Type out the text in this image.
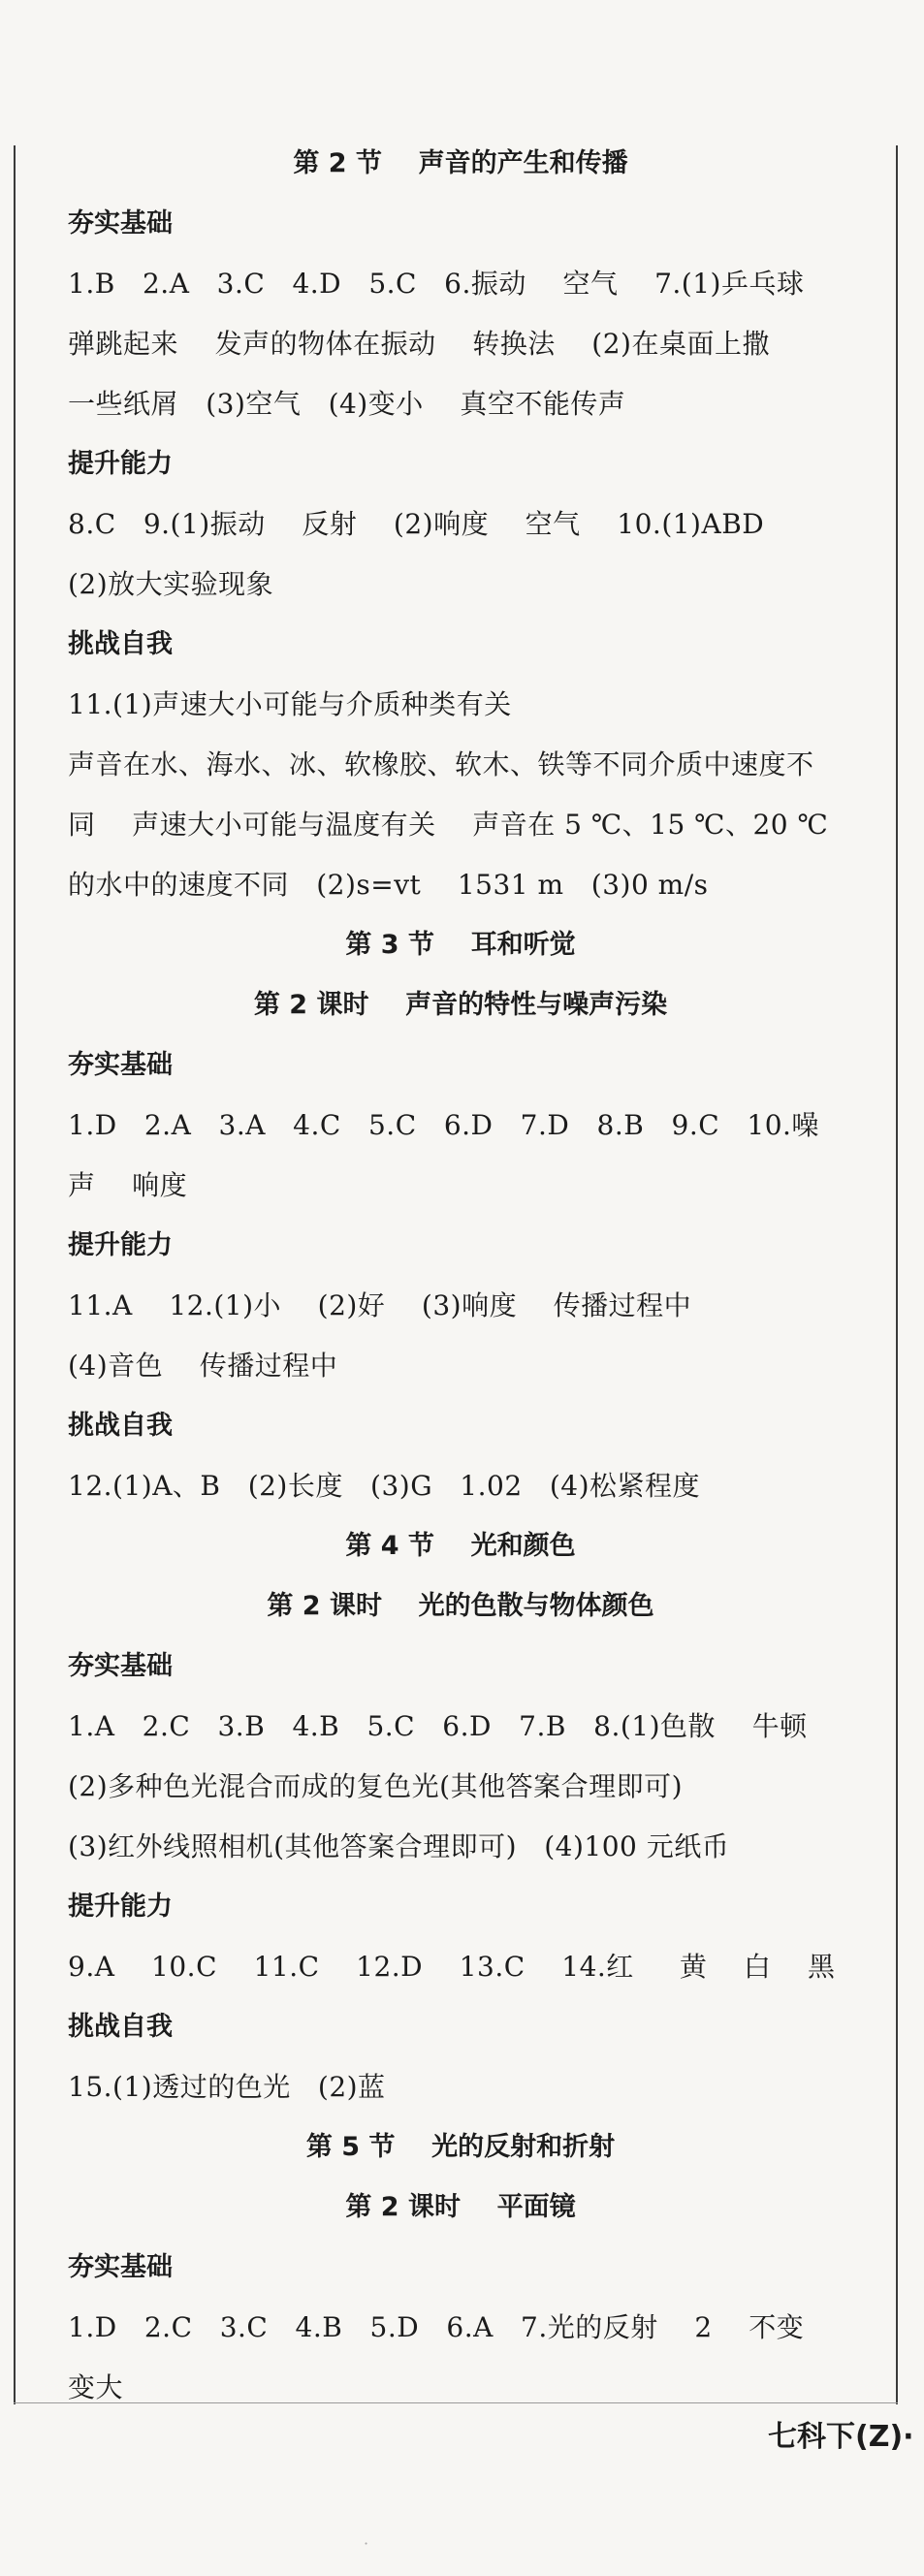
第 2 节    声音的产生和传播
夯实基础
1.B   2.A   3.C   4.D   5.C   6.振动    空气    7.(1)乒乓球
弹跳起来    发声的物体在振动    转换法    (2)在桌面上撒
一些纸屑   (3)空气   (4)变小    真空不能传声
提升能力
8.C   9.(1)振动    反射    (2)响度    空气    10.(1)ABD
(2)放大实验现象
挑战自我
11.(1)声速大小可能与介质种类有关
声音在水、海水、冰、软橡胶、软木、铁等不同介质中速度不
同    声速大小可能与温度有关    声音在 5 ℃、15 ℃、20 ℃
的水中的速度不同   (2)s=vt    1531 m   (3)0 m/s
第 3 节    耳和听觉
第 2 课时    声音的特性与噪声污染
夯实基础
1.D   2.A   3.A   4.C   5.C   6.D   7.D   8.B   9.C   10.噪
声    响度
提升能力
11.A    12.(1)小    (2)好    (3)响度    传播过程中
(4)音色    传播过程中
挑战自我
12.(1)A、B   (2)长度   (3)G   1.02   (4)松紧程度
第 4 节    光和颜色
第 2 课时    光的色散与物体颜色
夯实基础
1.A   2.C   3.B   4.B   5.C   6.D   7.B   8.(1)色散    牛顿
(2)多种色光混合而成的复色光(其他答案合理即可)
(3)红外线照相机(其他答案合理即可)   (4)100 元纸币
提升能力
9.A    10.C    11.C    12.D    13.C    14.红     黄    白    黑
挑战自我
15.(1)透过的色光   (2)蓝
第 5 节    光的反射和折射
第 2 课时    平面镜
夯实基础
1.D   2.C   3.C   4.B   5.D   6.A   7.光的反射    2    不变
变大
七科下(Z)·
·
